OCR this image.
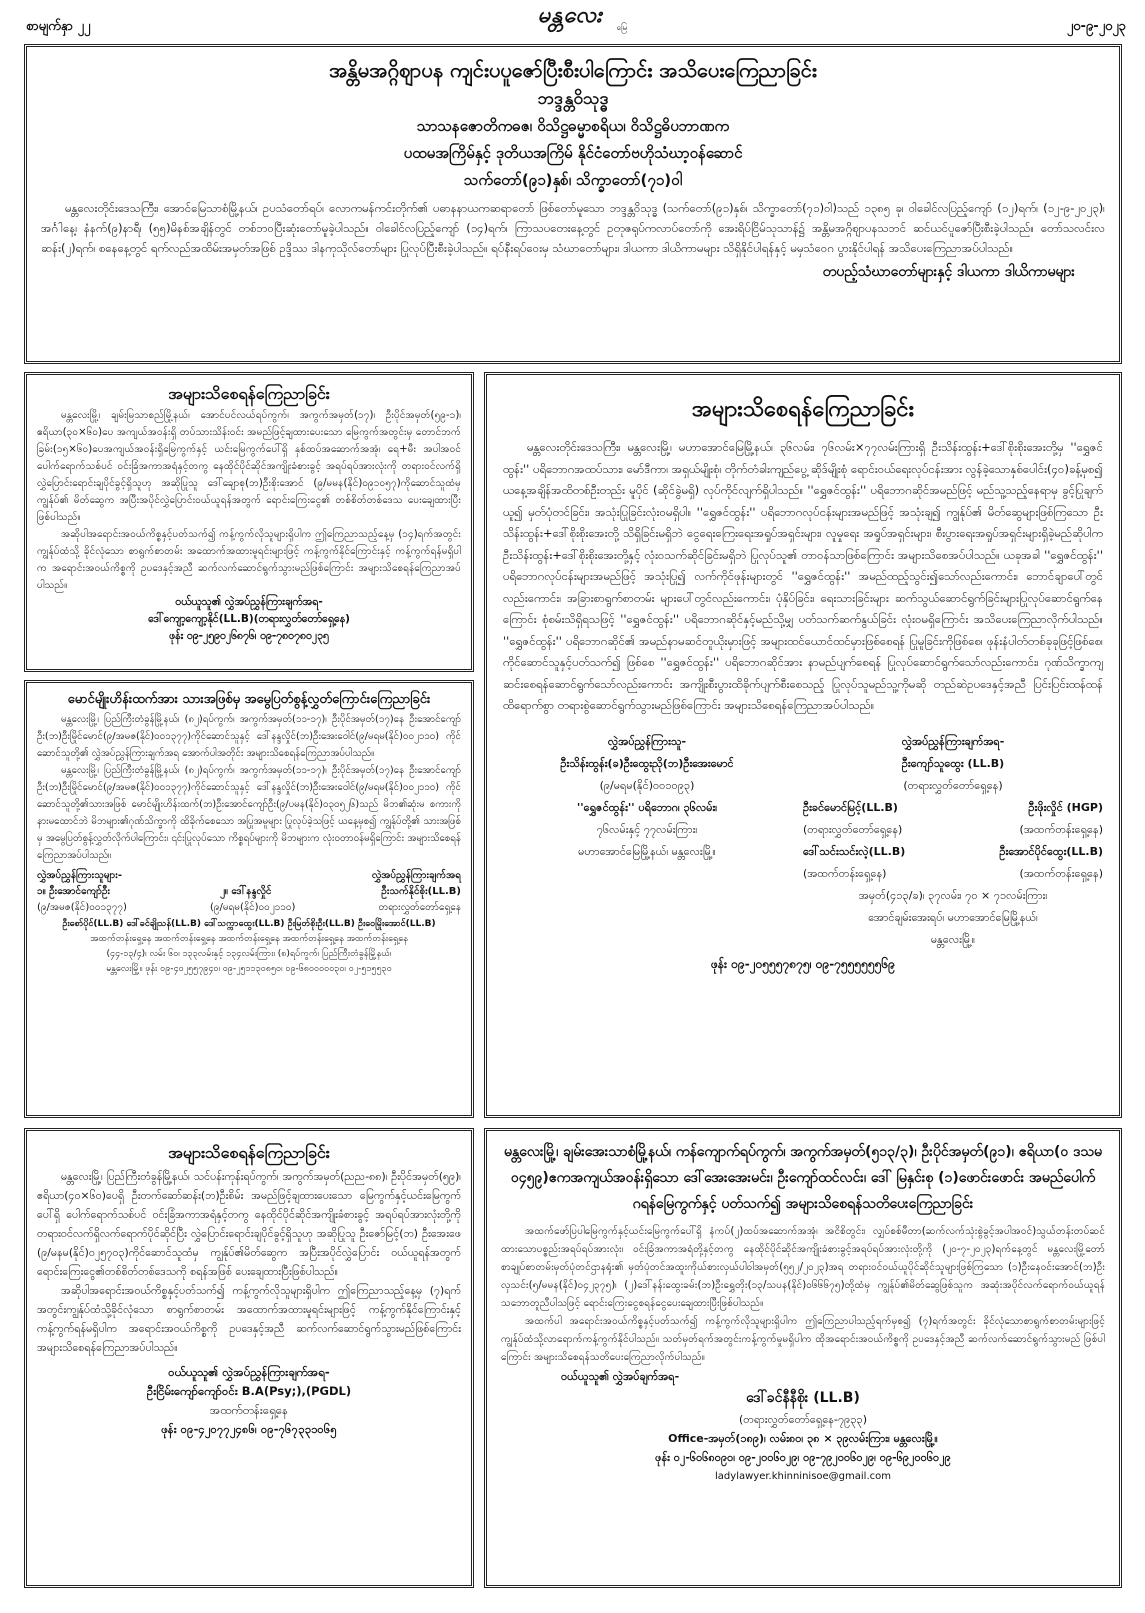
စာမျက်နှာ ၂၂	၂၀-၉-၂၀၂၃
မန္တလေး မြေ
အန္တိမအဂ္ဂိဈာပန ကျင်းပပူဇော်ပြီးစီးပါကြောင်း အသိပေးကြေညာခြင်း
ဘဒ္ဒန္တဝိသုဒ္ဓ
သာသနဇောတိကဓဇ၊ ဝိသိဋ္ဌဓမ္မာစရိယ၊ ဝိသိဋ္ဌဓိပဘာဏက
ပထမအကြိမ်နှင့် ဒုတိယအကြိမ် နိုင်ငံတော်ဗဟိုသံဃာ့ဝန်ဆောင်
သက်တော်(၉၁)နှစ်၊ သိက္ခာတော်(၇၁)ဝါ

မန္တလေးတိုင်းဒေသကြီး၊ အောင်မြေသာစံမြို့နယ်၊ ဥပသံတော်ရပ်၊ လောကမန်ကင်းတိုက်၏ ပဓာနနာယကဆရာတော် ဖြစ်တော်မူသော ဘဒ္ဒန္တဝိသုဒ္ဓ (သက်တော်(၉၁)နှစ်၊ သိက္ခာတော်(၇၁)ဝါ)သည် ၁၃၈၅ ခု၊ ဝါခေါင်လပြည့်ကျော် (၁၂)ရက်၊ (၁၂-၉-၂၀၂၃)၊ အင်္ဂါနေ့၊ နံနက်(၉)နာရီ၊ (၅၅)မိနစ်အချိန်တွင် တစ်ဘဝပြီးဆုံးတော်မူခဲ့ပါသည်။ ဝါခေါင်လပြည့်ကျော် (၁၄)ရက်၊ ကြာသပတေးနေ့တွင် ဥတုဇရုပ်ကလာပ်တော်ကို အေးရိပ်ငြိမ်သုသာန်၌ အန္တိမအဂ္ဂိဈာပနသဘင် ဆင်ယင်ပူဇော်ပြီးစီးခဲ့ပါသည်။ တော်သလင်းလဆန်း(၂)ရက်၊ စနေနေ့တွင် ရက်လည်အထိမ်းအမှတ်အဖြစ် ဥဒ္ဒိဿ ဒါနကုသိုလ်တော်များ ပြုလုပ်ပြီးစီးခဲ့ပါသည်။ ရပ်နီးရပ်ဝေးမှ သံဃာတော်များ၊ ဒါယကာ ဒါယိကာမများ သိရှိနိုင်ပါရန်နှင့် မမှသံဝေဂ ပွားနိုင်ပါရန် အသိပေးကြေညာအပ်ပါသည်။

တပည့်သံဃာတော်များနှင့် ဒါယကာ ဒါယိကာမများ
အများသိစေရန်ကြေညာခြင်း

မန္တလေးမြို့၊ ချမ်းမြသာစည်မြို့နယ်၊ အောင်ပင်လယ်ရပ်ကွက်၊ အကွက်အမှတ်(၁၇)၊ ဦးပိုင်အမှတ်(၅၉-၁)၊ ဧရိယာ(၃၀×၆၀)ပေ အကျယ်အဝန်းရှိ တပ်သားသိန်းဝင်း အမည်ဖြင့်ချထားပေးသော မြေကွက်အတွင်းမှ တောင်ဘက်ခြမ်း(၁၅×၆၀)ပေအကျယ်အဝန်းရှိမြေကွက်နှင့် ယင်းမြေကွက်ပေါ်ရှိ နှစ်ထပ်အဆောက်အအုံ၊ ရေ+မီး အပါအဝင် ပေါက်ရောက်သစ်ပင် ဝင်းခြံအကာအရံနှင့်တကွ နေထိုင်ပိုင်ဆိုင်အကျိုးခံစားခွင့် အရပ်ရပ်အားလုံးကို တရားဝင်လက်ရှိလွှဲပြောင်းရောင်းချပိုင်ခွင့်ရှိသူဟု အဆိုပြုသူ ဒေါ်ချောစု(ဘ)ဦးစိုးအောင် (၉/မမန(နိုင်)၀၉၁၀၅၇)ကိုဆောင်သူထံမှ ကျွန်ုပ်၏ မိတ်ဆွေက အပြီးအပိုင်လွှဲပြောင်းဝယ်ယူရန်အတွက် ရောင်းကြေးငွေ၏ တစ်စိတ်တစ်ဒေသ ပေးချေထားပြီးဖြစ်ပါသည်။

အဆိုပါအရောင်းအဝယ်ကိစ္စနှင့်ပတ်သက်၍ ကန့်ကွက်လိုသူများရှိပါက ဤကြေညာသည့်နေ့မှ (၁၄)ရက်အတွင်း ကျွန်ုပ်ထံသို့ ခိုင်လုံသော စာရွက်စာတမ်း အထောက်အထားမူရင်းများဖြင့် ကန့်ကွက်နိုင်ကြောင်းနှင့် ကန့်ကွက်ရန်မရှိပါက အရောင်းအဝယ်ကိစ္စကို ဥပဒေနှင့်အညီ ဆက်လက်ဆောင်ရွက်သွားမည်ဖြစ်ကြောင်း အများသိစေရန်ကြေညာအပ်ပါသည်။

ဝယ်ယူသူ၏ လွှဲအပ်ညွှန်ကြားချက်အရ-
ဒေါ်ကျော့ကျော့နိုင်(LL.B)(တရားလွှတ်တော်ရှေ့နေ)
ဖုန်း ၀၉-၂၅၉၀၂၆၈၇၆၊ ၀၉-၇၈၀၇၈၀၂၃၅
မောင်မျိုးဟိန်းထက်အား သားအဖြစ်မှ အမွေပြတ်စွန့်လွှတ်ကြောင်းကြေညာခြင်း

မန္တလေးမြို့၊ ပြည်ကြီးတံခွန်မြို့နယ်၊ (၈၂)ရပ်ကွက်၊ အကွက်အမှတ်(၁၁-၁၇)၊ ဦးပိုင်အမှတ်(၁၇)နေ ဦးအောင်ကျော်ဦး(ဘ)ဦးမြိုင်မောင်(၉/အမဇ(နိုင်)၀၀၁၃၇၇)ကိုင်ဆောင်သူနှင့် ဒေါ်နန္ဒလှိုင်(ဘ)ဦးအေးဝေါင်(၉/မရမ(နိုင်)၀၀၂၁၁၀) ကိုင်ဆောင်သူတို့၏ လွှဲအပ်ညွှန်ကြားချက်အရ အောက်ပါအတိုင်း အများသိစေရန်ကြေညာအပ်ပါသည်။

မန္တလေးမြို့၊ ပြည်ကြီးတံခွန်မြို့နယ်၊ (၈၂)ရပ်ကွက်၊ အကွက်အမှတ်(၁၁-၁၇)၊ ဦးပိုင်အမှတ်(၁၇)နေ ဦးအောင်ကျော်ဦး(ဘ)ဦးမြိုင်မောင်(၉/အမဇ(နိုင်)၀၀၁၃၇၇)ကိုင်ဆောင်သူနှင့် ဒေါ်နန္ဒလှိုင်(ဘ)ဦးအေးဝေါင်(၉/မရမ(နိုင်)၀၀၂၁၁၀) ကိုင်ဆောင်သူတို့၏သားအဖြစ် မောင်မျိုးဟိန်းထက်(ဘ)ဦးအောင်ကျော်ဦး(၉/ပမန(နိုင်)၀၃၀၅၂၆)သည် မိဘ၏ဆုံးမ စကားကို နားမထောင်ဘဲ မိဘများ၏ဂုဏ်သိက္ခာကို ထိခိုက်စေသော အပြုအမူများ ပြုလုပ်ခဲ့သဖြင့် ယနေ့မှစ၍ ကျွန်ုပ်တို့၏ သားအဖြစ်မှ အမွေပြတ်စွန့်လွှတ်လိုက်ပါကြောင်း၊ ၎င်းပြုလုပ်သော ကိစ္စရပ်များကို မိဘများက လုံးဝတာဝန်မရှိကြောင်း အများသိစေရန် ကြေညာအပ်ပါသည်။

လွှဲအပ်ညွှန်ကြားသူများ-	လွှဲအပ်ညွှန်ကြားချက်အရ
၁။ ဦးအောင်ကျော်ဦး	၂။ ဒေါ်နန္ဒလှိုင်	ဦးသက်နိုင်စိုး(LL.B)
(၉/အမဇ(နိုင်)၀၀၁၃၇၇)	(၉/မရမ(နိုင်)၀၀၂၁၁၀)	တရားလွှတ်တော်ရှေ့နေ
ဦးစော်ပိုင်(LL.B) ဒေါ်ခင်ချိုသန်(LL.B) ဒေါ်သက္ကာထွေး(LL.B) ဦးမြတ်စိုးဦး(LL.B) ဦးဝေမြိုးအောင်(LL.B)
အထက်တန်းရှေ့နေ အထက်တန်းရှေ့နေ အထက်တန်းရှေ့နေ အထက်တန်းရှေ့နေ အထက်တန်းရှေ့နေ
(၄၄-၁၃/၄)၊ လမ်း ၆၀၊ ၁၃၃လမ်းနှင့် ၁၃၄လမ်းကြား၊ (၈)ရပ်ကွက်၊ ပြည်ကြီးတံခွန်မြို့နယ်၊
မန္တလေးမြို့။ ဖုန်း ၀၉-၄၀၂၅၅၇၉၄၀၊ ၀၉-၂၅၁၁၃၀၈၅၀၊ ၀၉-၆၈၀၀၀၀၀၃၀၊ ၀၂-၅၁၅၅၃၀
အများသိစေရန်ကြေညာခြင်း

မန္တလေးမြို့၊ ပြည်ကြီးတံခွန်မြို့နယ်၊ သင်ပန်းကုန်းရပ်ကွက်၊ အကွက်အမှတ်(ညည-၈၈)၊ ဦးပိုင်အမှတ်(၅၉)၊ ဧရိယာ(၄၀×၆၀)ပေရှိ ဦးတက်ဆော်ဆန်း(ဘ)ဦးစိမ်း အမည်ဖြင့်ချထားပေးသော မြေကွက်နှင့်ယင်းမြေကွက်ပေါ်ရှိ ပေါက်ရောက်သစ်ပင် ဝင်းခြံအကာအရံနှင့်တကွ နေထိုင်ပိုင်ဆိုင်အကျိုးခံစားခွင့် အရပ်ရပ်အားလုံးတို့ကို တရားဝင်လက်ရှိလက်ရောက်ပိုင်ဆိုင်ပြီး လွှဲပြောင်းရောင်းချပိုင်ခွင့်ရှိသူဟု အဆိုပြုသူ ဦးဇော်မြင့်(ဘ) ဦးအေးဖေ (၉/မနမ(နိုင်)၀၂၅၇၀၃)ကိုင်ဆောင်သူထံမှ ကျွန်ုပ်၏မိတ်ဆွေက အပြီးအပိုင်လွှဲပြောင်း ဝယ်ယူရန်အတွက် ရောင်းကြေးငွေ၏တစ်စိတ်တစ်ဒေသကို စရန်အဖြစ် ပေးချေထားပြီးဖြစ်ပါသည်။

အဆိုပါအရောင်းအဝယ်ကိစ္စနှင့်ပတ်သက်၍ ကန့်ကွက်လိုသူများရှိပါက ဤကြေညာသည့်နေ့မှ (၇)ရက်အတွင်းကျွန်ုပ်ထံသို့ခိုင်လုံသော စာရွက်စာတမ်း အထောက်အထားမူရင်းများဖြင့် ကန့်ကွက်နိုင်ကြောင်းနှင့် ကန့်ကွက်ရန်မရှိပါက အရောင်းအဝယ်ကိစ္စကို ဥပဒေနှင့်အညီ ဆက်လက်ဆောင်ရွက်သွားမည်ဖြစ်ကြောင်း အများသိစေရန်ကြေညာအပ်ပါသည်။

ဝယ်ယူသူ၏ လွှဲအပ်ညွှန်ကြားချက်အရ-
ဦးငြိမ်းကျော်ကျော်ဝင်း B.A(Psy;),(PGDL)
အထက်တန်းရှေ့နေ
ဖုန်း ၀၉-၄၂၀၇၇၂၄၈၆၊ ၀၉-၇၆၇၃၃၁၀၆၅
အများသိစေရန်ကြေညာခြင်း

မန္တလေးတိုင်းဒေသကြီး၊ မန္တလေးမြို့၊ မဟာအောင်မြေမြို့နယ်၊ ၃၆လမ်း၊ ၇၆လမ်း×၇၇လမ်းကြားရှိ ဦးသိန်းထွန်း+ဒေါ်စိုးစိုးအေးတို့မှ ''ရွှေဇင်ထွန်း'' ပရိဘောဂအထပ်သား၊ မော်ဒီကာ၊ အရှယ်မျိုးစုံ၊ တိုက်တံခါးကျည်ပွေ့ ဆိုဒ်မျိုးစုံ ရောင်းဝယ်ရေးလုပ်ငန်းအား လွန်ခဲ့သောနှစ်ပေါင်း(၄၀)ခန့်မှစ၍ ယနေ့အချိန်အထိတစ်ဦးတည်း မူပိုင် (ဆိုင်ခွဲမရှိ) လုပ်ကိုင်လျက်ရှိပါသည်။ ''ရွှေဇင်ထွန်း'' ပရိဘောဂဆိုင်အမည်ဖြင့် မည်သူ့သည့်နေရာမှ ခွင့်ပြုချက်ယူ၍ မှတ်ပုံတင်ခြင်း၊ အသုံးပြုခြင်းလုံးဝမရှိပါ။ ''ရွှေဇင်ထွန်း'' ပရိဘောဂလုပ်ငန်းများအမည်ဖြင့် အသုံးချ၍ ကျွန်ုပ်၏ မိတ်ဆွေများဖြစ်ကြသော ဦးသိန်းထွန်း+ဒေါ်စိုးစိုးအေးတို့ သိရှိခြင်းမရှိဘဲ ငွေရေးကြေးရေးအရှုပ်အရှင်းများ၊ လူမှုရေး အရှုပ်အရှင်းများ၊ စီးပွားရေးအရှုပ်အရှင်းများရှိခဲ့မည်ဆိုပါက ဦးသိန်းထွန်း+ဒေါ်စိုးစိုးအေးတို့နှင့် လုံးဝသက်ဆိုင်ခြင်းမရှိဘဲ ပြုလုပ်သူ၏ တာဝန်သာဖြစ်ကြောင်း အများသိစေအပ်ပါသည်။ ယခုအခါ ''ရွှေဇင်ထွန်း'' ပရိဘောဂလုပ်ငန်းများအမည်ဖြင့် အသုံးပြု၍ လက်ကိုင်ဖုန်းများတွင် ''ရွှေဇင်ထွန်း'' အမည်ထည့်သွင်း၍သော်လည်းကောင်း၊ ဘောင်ချာပေါ်တွင်လည်းကောင်း၊ အခြားစာရွက်စာတမ်း များပေါ်တွင်လည်းကောင်း၊ ပုံနှိပ်ခြင်း၊ ရေးသားခြင်းများ ဆက်သွယ်ဆောင်ရွက်ခြင်းများပြုလုပ်ဆောင်ရွက်နေကြောင်း စုံစမ်းသိရှိရသဖြင့် ''ရွှေဇင်ထွန်း'' ပရိဘောဂဆိုင်နှင့်မည်သို့မျှ ပတ်သက်ဆက်နွယ်ခြင်း လုံးဝမရှိကြောင်း အသိပေးကြေညာလိုက်ပါသည်။ ''ရွှေဇင်ထွန်း'' ပရိဘောဂဆိုင်၏ အမည်နာမဆင်တူယိုးမှားဖြင့် အများထင်ယောင်ထင်မှားဖြစ်စေရန် ပြုမူခြင်းကိုဖြစ်စေ၊ ဖုန်းနံပါတ်တစ်ခုခုဖြင့်ဖြစ်စေ၊ ကိုင်ဆောင်သူနှင့်ပတ်သက်၍ ဖြစ်စေ ''ရွှေဇင်ထွန်း'' ပရိဘောဂဆိုင်အား နာမည်ပျက်စေရန် ပြုလုပ်ဆောင်ရွက်သော်လည်းကောင်း၊ ဂုဏ်သိက္ခာကျဆင်းစေရန်ဆောင်ရွက်သော်လည်းကောင်း အကျိုးစီးပွားထိခိုက်ပျက်စီးစေသည့် ပြုလုပ်သူမည်သူ့ကိုမဆို တည်ဆဲဥပဒေနှင့်အညီ ပြင်းပြင်းထန်ထန် ထိရောက်စွာ တရားစွဲဆောင်ရွက်သွားမည်ဖြစ်ကြောင်း အများသိစေရန်ကြေညာအပ်ပါသည်။

လွှဲအပ်ညွှန်ကြားသူ-
ဦးသိန်းထွန်း(ခ)ဦးထွေးညို(ဘ)ဦးအေးမောင်
(၉/မရမ(နိုင်)၀၀၁၀၉၃)
''ရွှေဇင်ထွန်း'' ပရိဘောဂ၊ ၃၆လမ်း၊
၇၆လမ်းနှင့် ၇၇လမ်းကြား၊
မဟာအောင်မြေမြို့နယ်၊ မန္တလေးမြို့။
လွှဲအပ်ညွှန်ကြားချက်အရ-
ဦးကျော်သူထွေး (LL.B)
(တရားလွှတ်တော်ရှေ့နေ)
ဦးခင်မောင်မြင့်(LL.B)	ဦးဖိုးလှိုင် (HGP)
(တရားလွှတ်တော်ရှေ့နေ)	(အထက်တန်းရှေ့နေ)
ဒေါ်သင်းသင်းလဲ့(LL.B)	ဦးအောင်ပိုင်ထွေး(LL.B)
(အထက်တန်းရှေ့နေ)	(အထက်တန်းရှေ့နေ)
အမှတ်(၄၁၃/ခ)၊ ၃၇လမ်း၊ ၇၀ × ၇၁လမ်းကြား၊
အောင်ချမ်းအေးရပ်၊ မဟာအောင်မြေမြို့နယ်၊
မန္တလေးမြို့။
ဖုန်း ၀၉-၂၀၅၅၅၇၈၇၅၊ ၀၉-၇၅၅၅၅၅၅၆၉
မန္တလေးမြို့၊ ချမ်းအေးသာစံမြို့နယ်၊ ကန်ကျောက်ရပ်ကွက်၊ အကွက်အမှတ်(၅၁၃/၃)၊ ဦးပိုင်အမှတ်(၉၁)၊ ဧရိယာ(၀ ဒသမ ၀၄၅၉)ဧကအကျယ်အဝန်းရှိသော ဒေါ်အေးအေးမင်း၊ ဦးကျော်ထင်လင်း၊ ဒေါ် မြနှင်းစု (၁)ဖောင်းဖောင်း အမည်ပေါက်ဂရန်မြေကွက်နှင့် ပတ်သက်၍ အများသိစေရန်သတိပေးကြေညာခြင်း

အထက်ဖော်ပြပါမြေကွက်နှင့်ယင်းမြေကွက်ပေါ်ရှိ နံကပ်(၂)ထပ်အဆောက်အအုံ၊ အငိစိတွင်း၊ လျှပ်စစ်မီတာ(ဆက်လက်သုံးစွဲခွင့်အပါအဝင်)သွယ်တန်းတပ်ဆင်ထားသောပစ္စည်းအရပ်ရပ်အားလုံး၊ ဝင်းခြံအကာအရံတို့နှင့်တကွ နေထိုင်ပိုင်ဆိုင်အကျိုးခံစားခွင့်အရပ်ရပ်အားလုံးတို့ကို (၂၀-၇-၂၀၂၃)ရက်နေ့တွင် မန္တလေးမြို့တော်စာချုပ်စာတမ်းမှတ်ပုံတင်ဌာနရုံး၏ မှတ်ပုံတင်အထူးကိုယ်စားလှယ်ပါဝါအမှတ်(၅၅၂/၂၀၂၃)အရ တရားဝင်ဝယ်ယူပိုင်ဆိုင်သူများဖြစ်ကြသော (၁)ဦးနေဝင်းအောင်(ဘ)ဦးလှသင်း(၅/မမန(နိုင်)၀၄၂၃၇၅)၊ (၂)ဒေါ်နန်းထွေးခမ်း(ဘ)ဦးရွှေတိုး(၁၃/သပန(နိုင်)၀၆၆၆၇၅)တို့ထံမှ ကျွန်ုပ်၏မိတ်ဆွေဖြစ်သူက အဆုံးအပိုင်လက်ရောက်ဝယ်ယူရန် သဘောတူညီပါသဖြင့် ရောင်းကြေးငွေစရန်ငွေပေးချေထားပြီးဖြစ်ပါသည်။

အထက်ပါ အရောင်းအဝယ်ကိစ္စနှင့်ပတ်သက်၍ ကန့်ကွက်လိုသူများရှိပါက ဤကြေညာပါသည့်ရက်မှစ၍ (၇)ရက်အတွင်း ခိုင်လုံသောစာရွက်စာတမ်းများဖြင့် ကျွန်ုပ်ထံသို့လာရောက်ကန့်ကွက်နိုင်ပါသည်။ သတ်မှတ်ရက်အတွင်းကန့်ကွက်မှုမရှိပါက ထိုအရောင်းအဝယ်ကိစ္စကို ဥပဒေနှင့်အညီ ဆက်လက်ဆောင်ရွက်သွားမည် ဖြစ်ပါကြောင်း အများသိစေရန်သတိပေးကြေညာလိုက်ပါသည်။

ဝယ်ယူသူ၏ လွှဲအပ်ချက်အရ-
ဒေါ်ခင်နီနီစိုး (LL.B)
(တရားလွှတ်တော်ရှေ့နေ-၇၉၃၃)
Office-အမှတ်(၁၈၉)၊ လမ်း၈၀၊ ၃၈ × ၃၉လမ်းကြား၊ မန္တလေးမြို့။
ဖုန်း ၀၂-၆၀၆၈၀၉၀၊ ၀၉-၂၀၀၆၀၂၉၊ ၀၉-၇၉၂၀၀၆၀၂၉၊ ၀၉-၆၉၂၀၀၆၀၂၉
ladylawyer.khinninisoe@gmail.com
